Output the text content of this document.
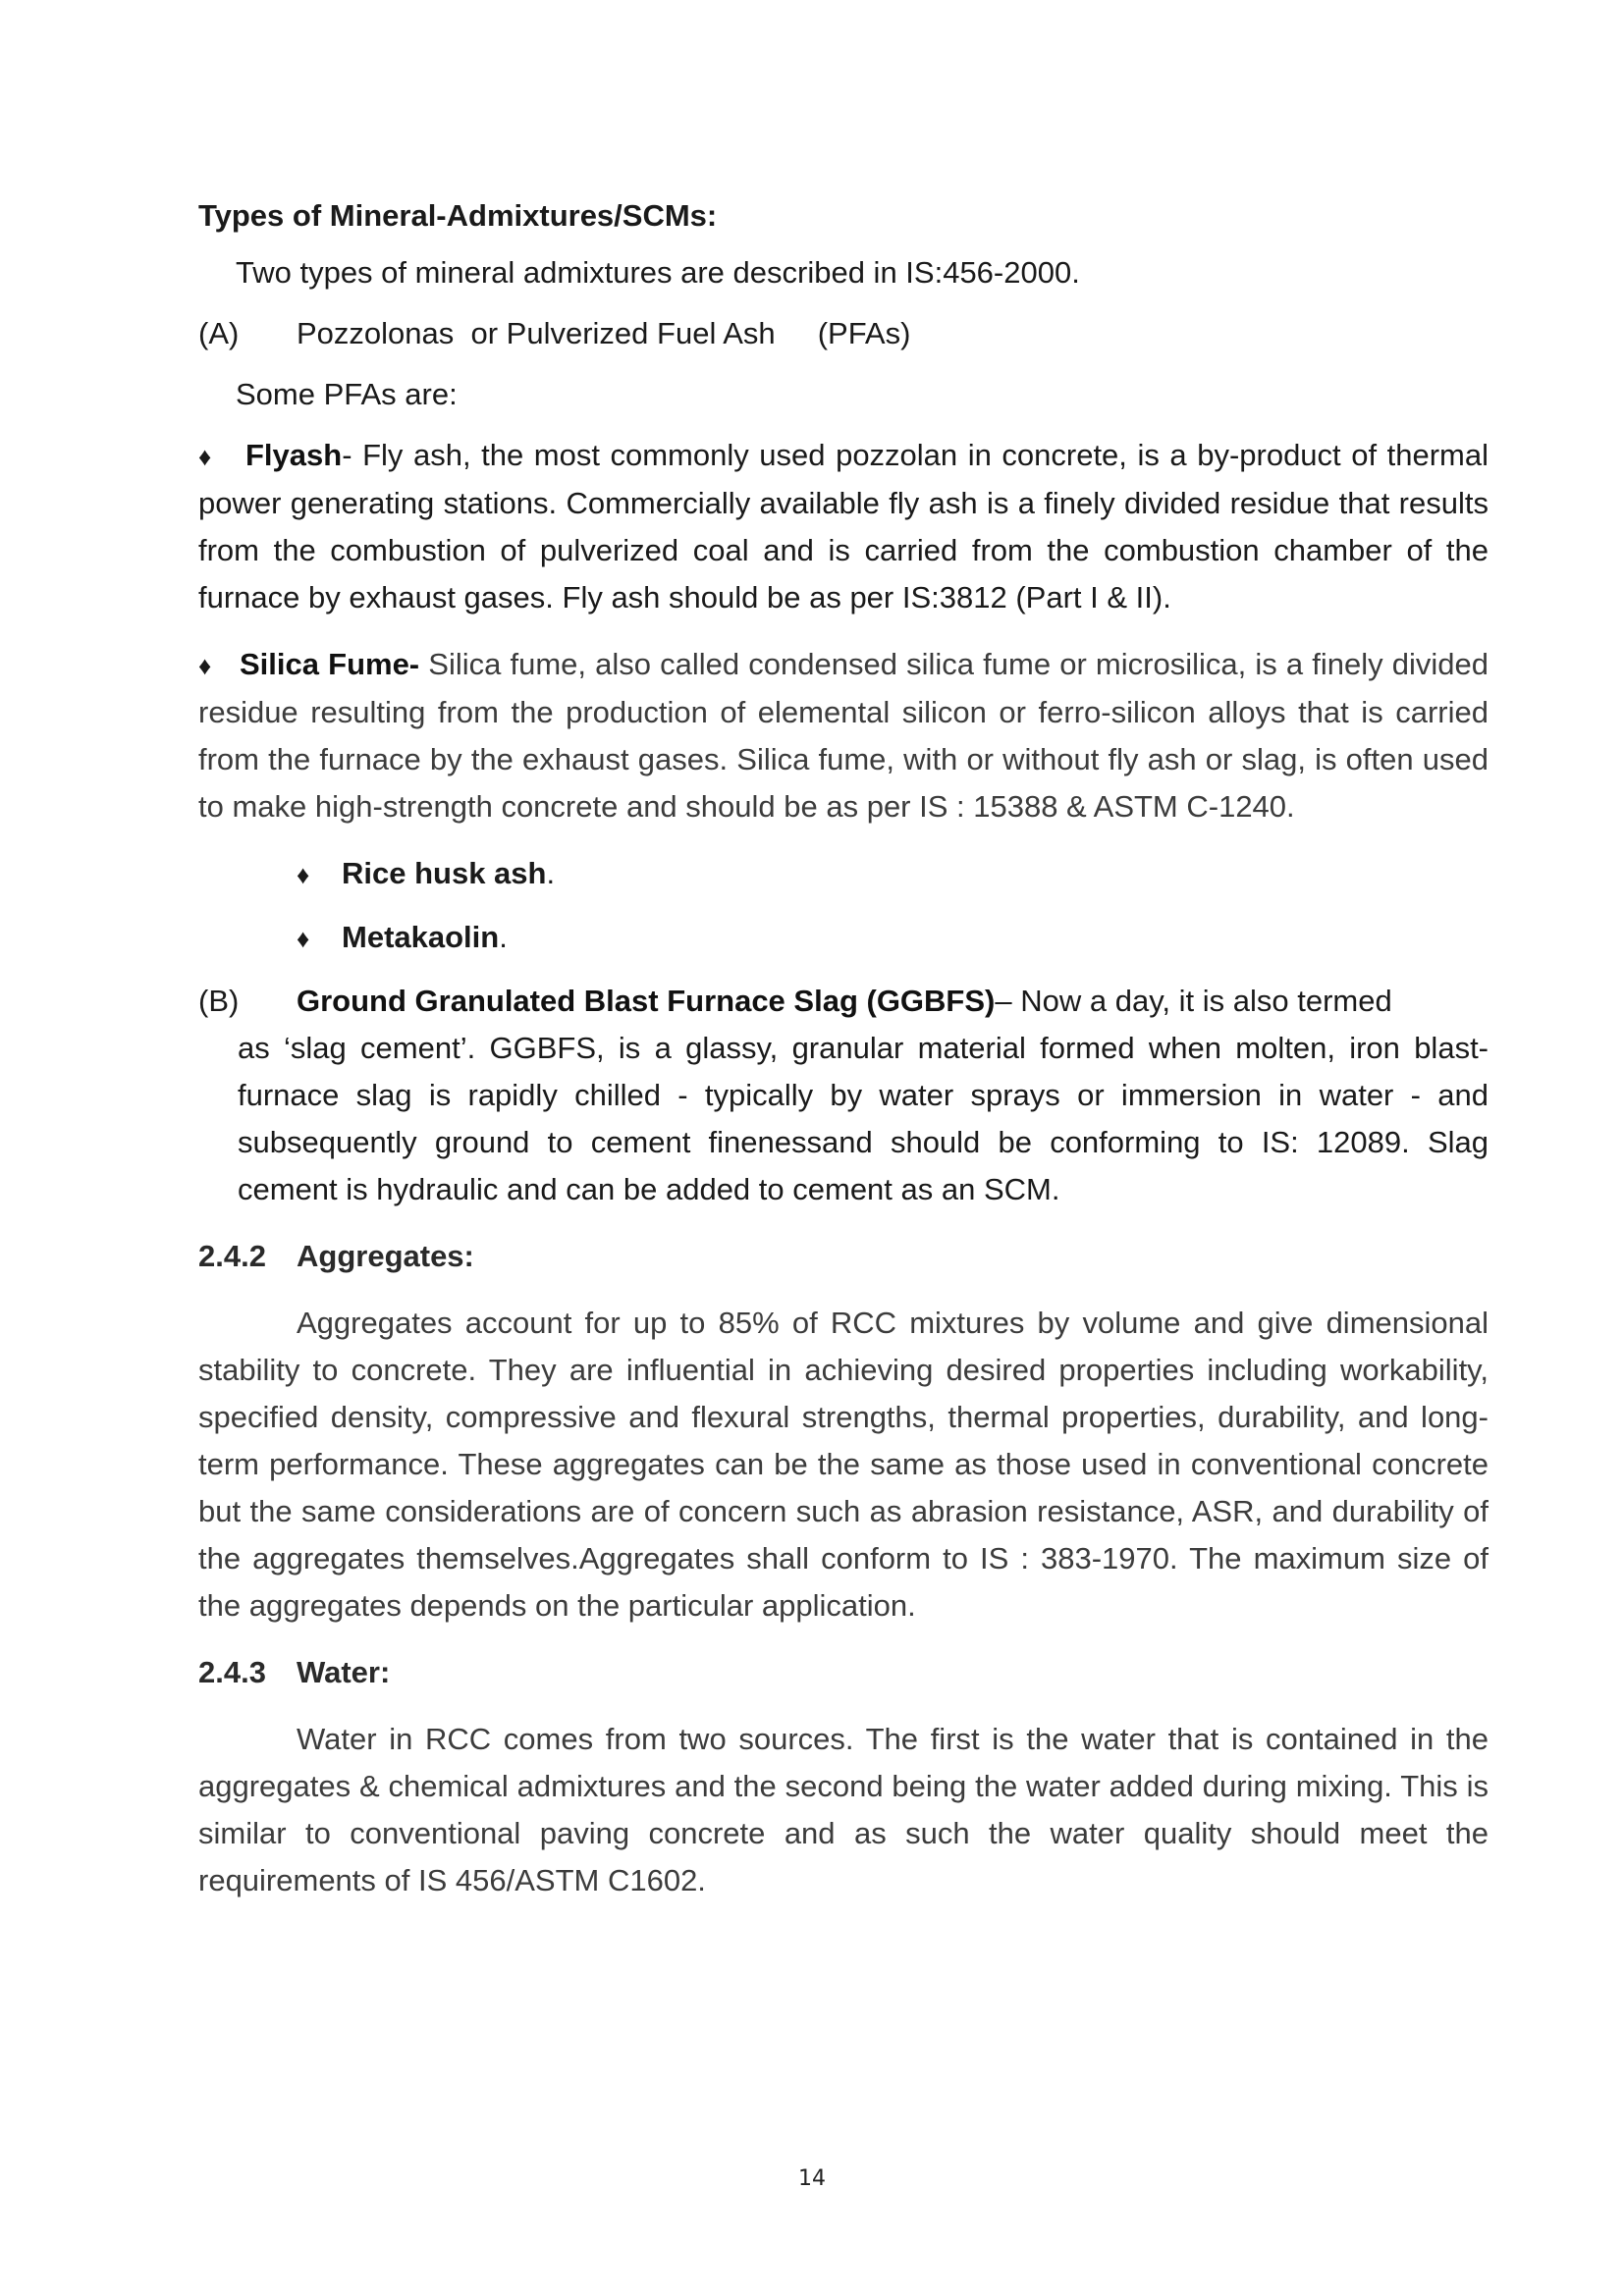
Types of Mineral-Admixtures/SCMs:

Two types of mineral admixtures are described in IS:456-2000.

(A) Pozzolonas  or Pulverized Fuel Ash     (PFAs)

Some PFAs are:

♦ Flyash- Fly ash, the most commonly used pozzolan in concrete, is a by-product of thermal power generating stations. Commercially available fly ash is a finely divided residue that results from the combustion of pulverized coal and is carried from the combustion chamber of the furnace by exhaust gases. Fly ash should be as per IS:3812 (Part I & II).

♦ Silica Fume- Silica fume, also called condensed silica fume or microsilica, is a finely divided residue resulting from the production of elemental silicon or ferro-silicon alloys that is carried from the furnace by the exhaust gases. Silica fume, with or without fly ash or slag, is often used to make high-strength concrete and should be as per IS : 15388 & ASTM C-1240.

♦ Rice husk ash.
♦ Metakaolin.

(B) Ground Granulated Blast Furnace Slag (GGBFS)– Now a day, it is also termed

as ‘slag cement’. GGBFS, is a glassy, granular material formed when molten, iron blast-furnace slag is rapidly chilled - typically by water sprays or immersion in water - and subsequently ground to cement finenessand should be conforming to IS: 12089. Slag cement is hydraulic and can be added to cement as an SCM.

2.4.2 Aggregates:

Aggregates account for up to 85% of RCC mixtures by volume and give dimensional stability to concrete. They are influential in achieving desired properties including workability, specified density, compressive and flexural strengths, thermal properties, durability, and long-term performance. These aggregates can be the same as those used in conventional concrete but the same considerations are of concern such as abrasion resistance, ASR, and durability of the aggregates themselves.Aggregates shall conform to IS : 383-1970. The maximum size of the aggregates depends on the particular application.

2.4.3 Water:

Water in RCC comes from two sources. The first is the water that is contained in the aggregates & chemical admixtures and the second being the water added during mixing. This is similar to conventional paving concrete and as such the water quality should meet the requirements of IS 456/ASTM C1602.

14
